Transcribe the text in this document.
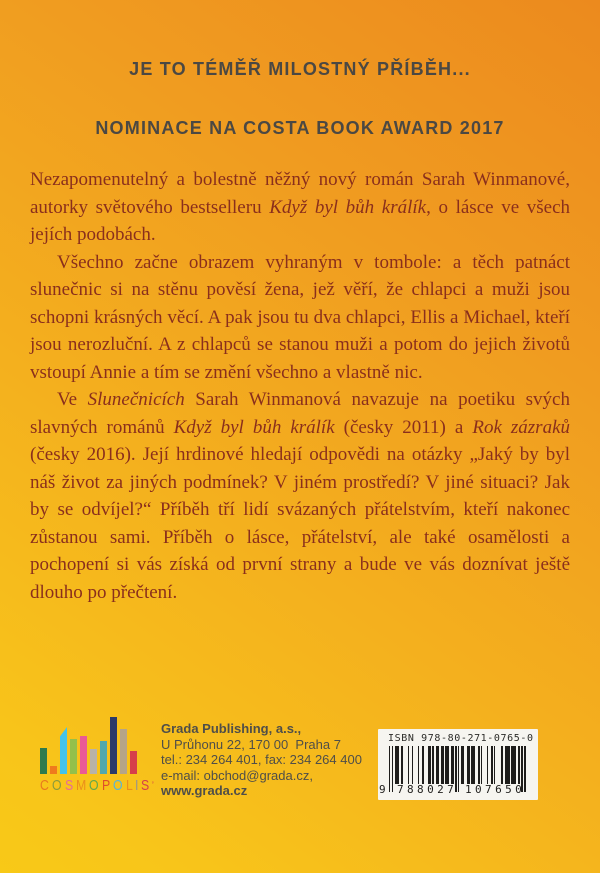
JE TO TÉMĚŘ MILOSTNÝ PŘÍBĚH...
NOMINACE NA COSTA BOOK AWARD 2017

Nezapomenutelný a bolestně něžný nový román Sarah Winmanové, autorky světového bestselleru Když byl bůh králík, o lásce ve všech jejích podobách.

Všechno začne obrazem vyhraným v tombole: a těch patnáct slunečnic si na stěnu pověsí žena, jež věří, že chlapci a muži jsou schopni krásných věcí. A pak jsou tu dva chlapci, Ellis a Michael, kteří jsou nerozluční. A z chlapců se stanou muži a potom do jejich životů vstoupí Annie a tím se změní všechno a vlastně nic.

Ve Slunečnicích Sarah Winmanová navazuje na poetiku svých slavných románů Když byl bůh králík (česky 2011) a Rok zázraků (česky 2016). Její hrdinové hledají odpovědi na otázky „Jaký by byl náš život za jiných podmínek? V jiném prostředí? V jiné situaci? Jak by se odvíjel?“ Příběh tří lidí svázaných přátelstvím, kteří nakonec zůstanou sami. Příběh o lásce, přátelství, ale také osamělosti a pochopení si vás získá od první strany a bude ve vás doznívat ještě dlouho po přečtení.

C O S M O P O L I S ’
Grada Publishing, a.s.,
U Průhonu 22, 170 00  Praha 7
tel.: 234 264 401, fax: 234 264 400
e-mail: obchod@grada.cz,
www.grada.cz
ISBN 978-80-271-0765-0
9 788027 107650
